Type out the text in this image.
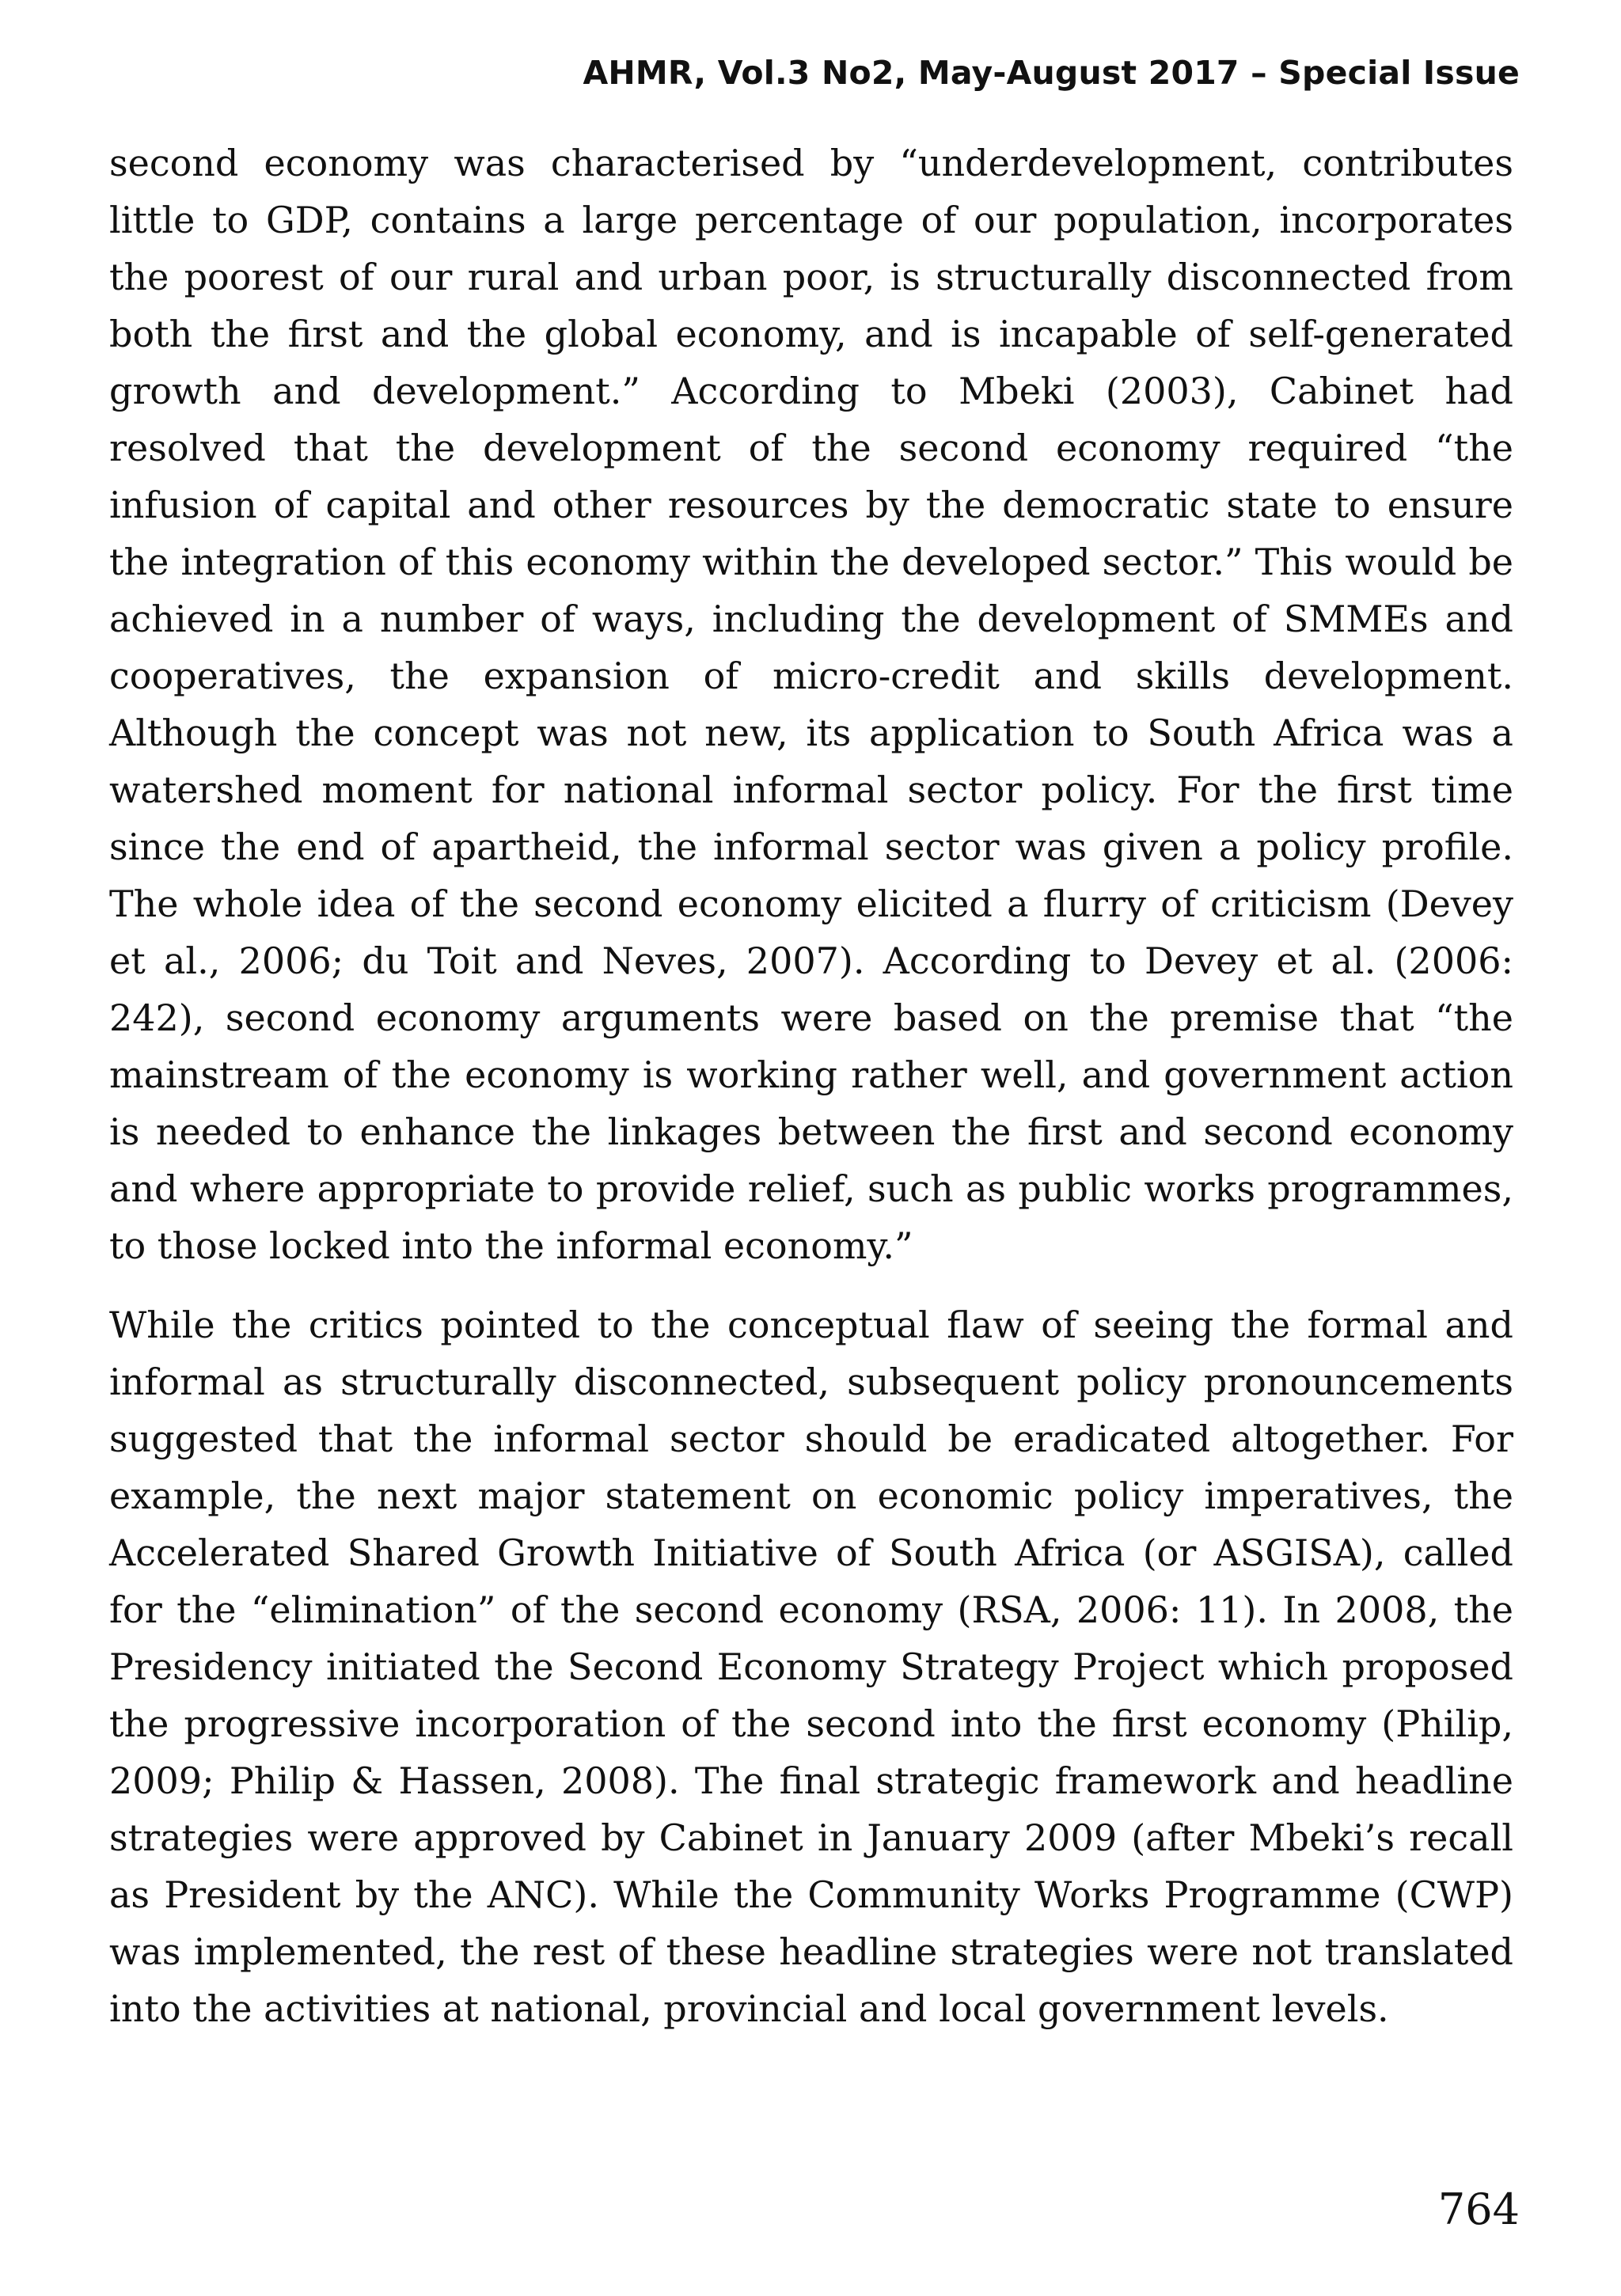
AHMR, Vol.3 No2, May-August 2017 – Special Issue

second economy was characterised by “underdevelopment, contributes little to GDP, contains a large percentage of our population, incorporates the poorest of our rural and urban poor, is structurally disconnected from both the first and the global economy, and is incapable of self-generated growth and development.” According to Mbeki (2003), Cabinet had resolved that the development of the second economy required “the infusion of capital and other resources by the democratic state to ensure the integration of this economy within the developed sector.” This would be achieved in a number of ways, including the development of SMMEs and cooperatives, the expansion of micro-credit and skills development. Although the concept was not new, its application to South Africa was a watershed moment for national informal sector policy. For the first time since the end of apartheid, the informal sector was given a policy profile. The whole idea of the second economy elicited a flurry of criticism (Devey et al., 2006; du Toit and Neves, 2007). According to Devey et al. (2006: 242), second economy arguments were based on the premise that “the mainstream of the economy is working rather well, and government action is needed to enhance the linkages between the first and second economy and where appropriate to provide relief, such as public works programmes, to those locked into the informal economy.”

While the critics pointed to the conceptual flaw of seeing the formal and informal as structurally disconnected, subsequent policy pronouncements suggested that the informal sector should be eradicated altogether. For example, the next major statement on economic policy imperatives, the Accelerated Shared Growth Initiative of South Africa (or ASGISA), called for the “elimination” of the second economy (RSA, 2006: 11). In 2008, the Presidency initiated the Second Economy Strategy Project which proposed the progressive incorporation of the second into the first economy (Philip, 2009; Philip & Hassen, 2008). The final strategic framework and headline strategies were approved by Cabinet in January 2009 (after Mbeki’s recall as President by the ANC). While the Community Works Programme (CWP) was implemented, the rest of these headline strategies were not translated into the activities at national, provincial and local government levels.

764
